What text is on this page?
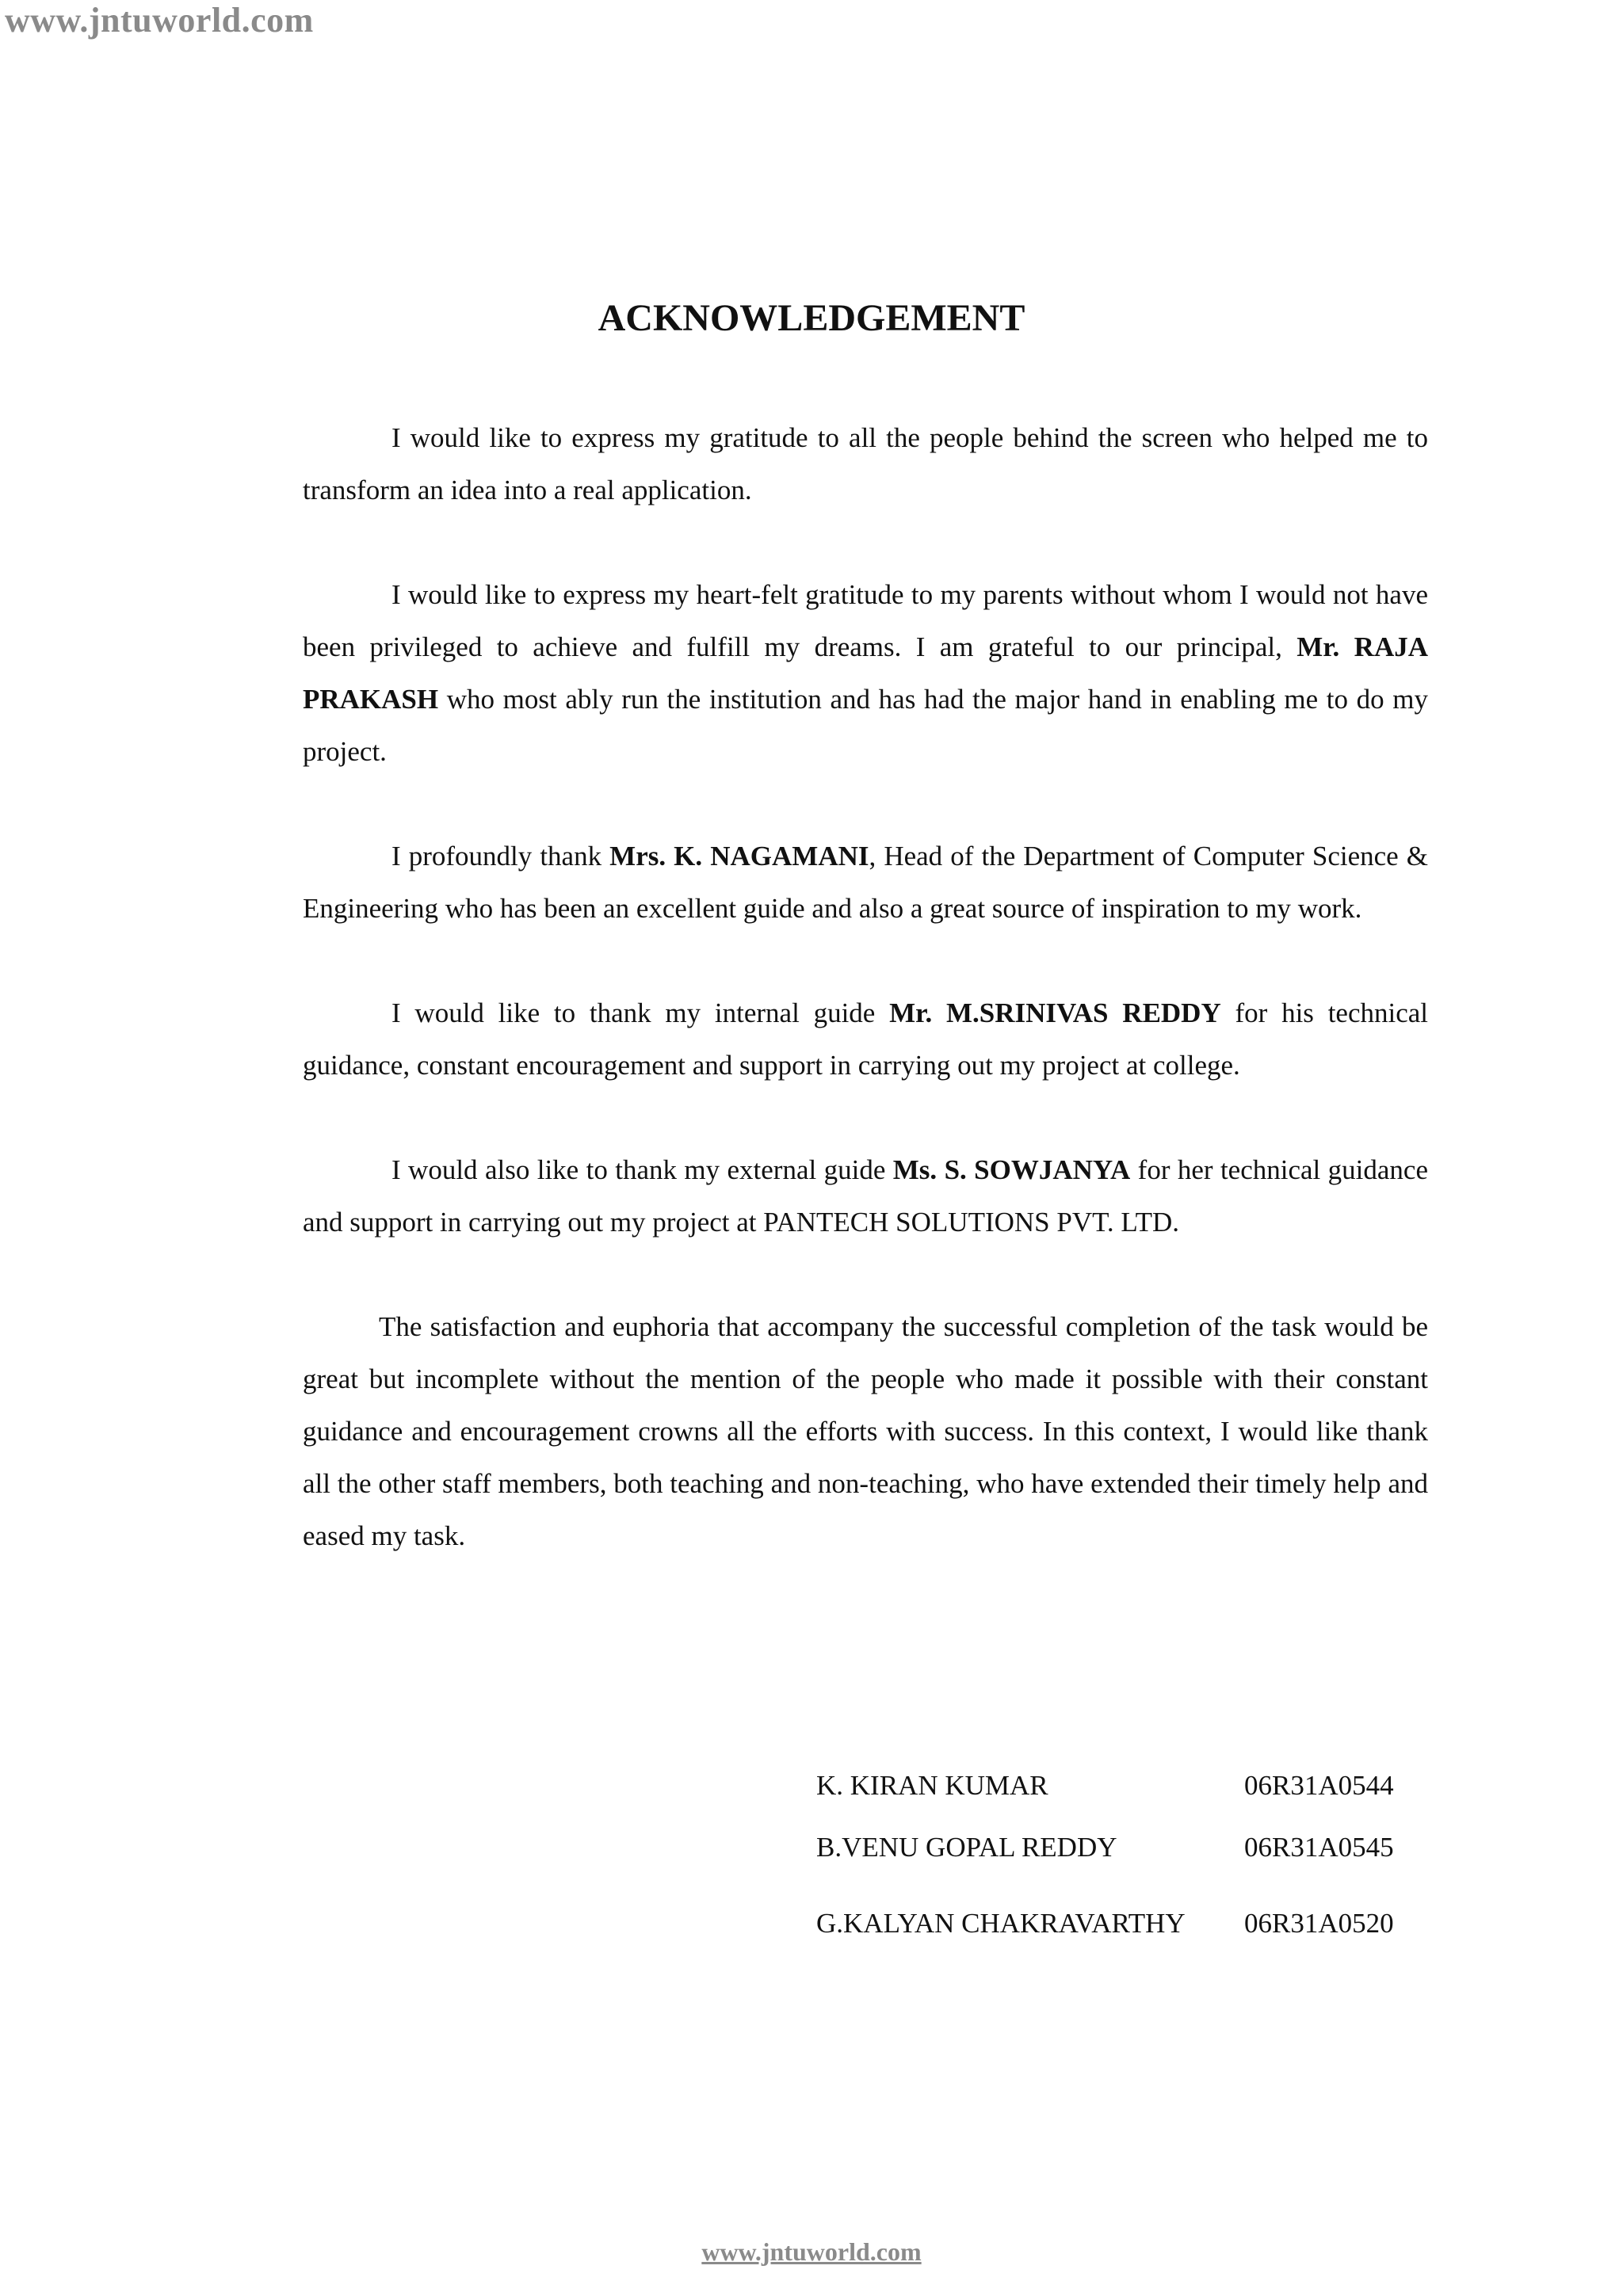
www.jntuworld.com
ACKNOWLEDGEMENT

I would like to express my gratitude to all the people behind the screen who helped me to transform an idea into a real application.

I would like to express my heart-felt gratitude to my parents without whom I would not have been privileged to achieve and fulfill my dreams. I am grateful to our principal, Mr. RAJA PRAKASH who most ably run the institution and has had the major hand in enabling me to do my project.

I profoundly thank Mrs. K. NAGAMANI, Head of the Department of Computer Science & Engineering who has been an excellent guide and also a great source of inspiration to my work.

I would like to thank my internal guide Mr. M.SRINIVAS REDDY for his technical guidance, constant encouragement and support in carrying out my project at college.

I would also like to thank my external guide Ms. S. SOWJANYA for her technical guidance and support in carrying out my project at PANTECH SOLUTIONS PVT. LTD.

The satisfaction and euphoria that accompany the successful completion of the task would be great but incomplete without the mention of the people who made it possible with their constant guidance and encouragement crowns all the efforts with success. In this context, I would like thank all the other staff members, both teaching and non-teaching, who have extended their timely help and eased my task.

K. KIRAN KUMAR	06R31A0544
B.VENU GOPAL REDDY	06R31A0545
G.KALYAN CHAKRAVARTHY	06R31A0520
www.jntuworld.com
